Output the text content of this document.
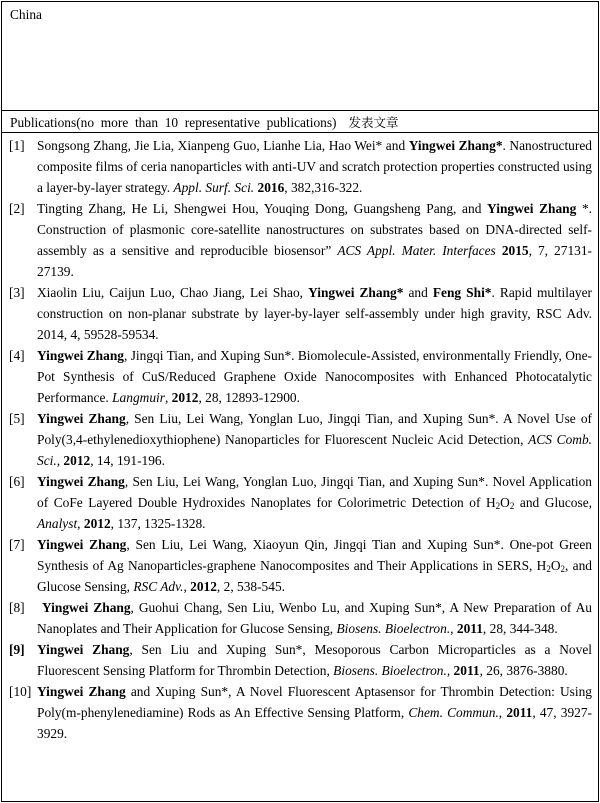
China
Publications(no  more  than  10  representative  publications) 发表文章
[1] Songsong Zhang, Jie Lia, Xianpeng Guo, Lianhe Lia, Hao Wei* and Yingwei Zhang*. Nanostructured composite films of ceria nanoparticles with anti-UV and scratch protection properties constructed using a layer-by-layer strategy. Appl. Surf. Sci. 2016, 382,316-322.
[2] Tingting Zhang, He Li, Shengwei Hou, Youqing Dong, Guangsheng Pang, and Yingwei Zhang *. Construction of plasmonic core-satellite nanostructures on substrates based on DNA-directed self-assembly as a sensitive and reproducible biosensor” ACS Appl. Mater. Interfaces 2015, 7, 27131-27139.
[3] Xiaolin Liu, Caijun Luo, Chao Jiang, Lei Shao, Yingwei Zhang* and Feng Shi*. Rapid multilayer construction on non-planar substrate by layer-by-layer self-assembly under high gravity, RSC Adv. 2014, 4, 59528-59534.
[4] Yingwei Zhang, Jingqi Tian, and Xuping Sun*. Biomolecule-Assisted, environmentally Friendly, One-Pot Synthesis of CuS/Reduced Graphene Oxide Nanocomposites with Enhanced Photocatalytic Performance. Langmuir, 2012, 28, 12893-12900.
[5] Yingwei Zhang, Sen Liu, Lei Wang, Yonglan Luo, Jingqi Tian, and Xuping Sun*. A Novel Use of Poly(3,4-ethylenedioxythiophene) Nanoparticles for Fluorescent Nucleic Acid Detection, ACS Comb. Sci., 2012, 14, 191-196.
[6] Yingwei Zhang, Sen Liu, Lei Wang, Yonglan Luo, Jingqi Tian, and Xuping Sun*. Novel Application of CoFe Layered Double Hydroxides Nanoplates for Colorimetric Detection of $H_2O_2$ and Glucose, Analyst, 2012, 137, 1325-1328.
[7] Yingwei Zhang, Sen Liu, Lei Wang, Xiaoyun Qin, Jingqi Tian and Xuping Sun*. One-pot Green Synthesis of Ag Nanoparticles-graphene Nanocomposites and Their Applications in SERS, $H_2O_2$, and Glucose Sensing, RSC Adv., 2012, 2, 538-545.
[8]	Yingwei Zhang, Guohui Chang, Sen Liu, Wenbo Lu, and Xuping Sun*, A New Preparation of Au Nanoplates and Their Application for Glucose Sensing, Biosens. Bioelectron., 2011, 28, 344-348.
[9] Yingwei Zhang, Sen Liu and Xuping Sun*, Mesoporous Carbon Microparticles as a Novel Fluorescent Sensing Platform for Thrombin Detection, Biosens. Bioelectron., 2011, 26, 3876-3880.
[10] Yingwei Zhang and Xuping Sun*, A Novel Fluorescent Aptasensor for Thrombin Detection: Using Poly(m-phenylenediamine) Rods as An Effective Sensing Platform, Chem. Commun., 2011, 47, 3927-3929.
